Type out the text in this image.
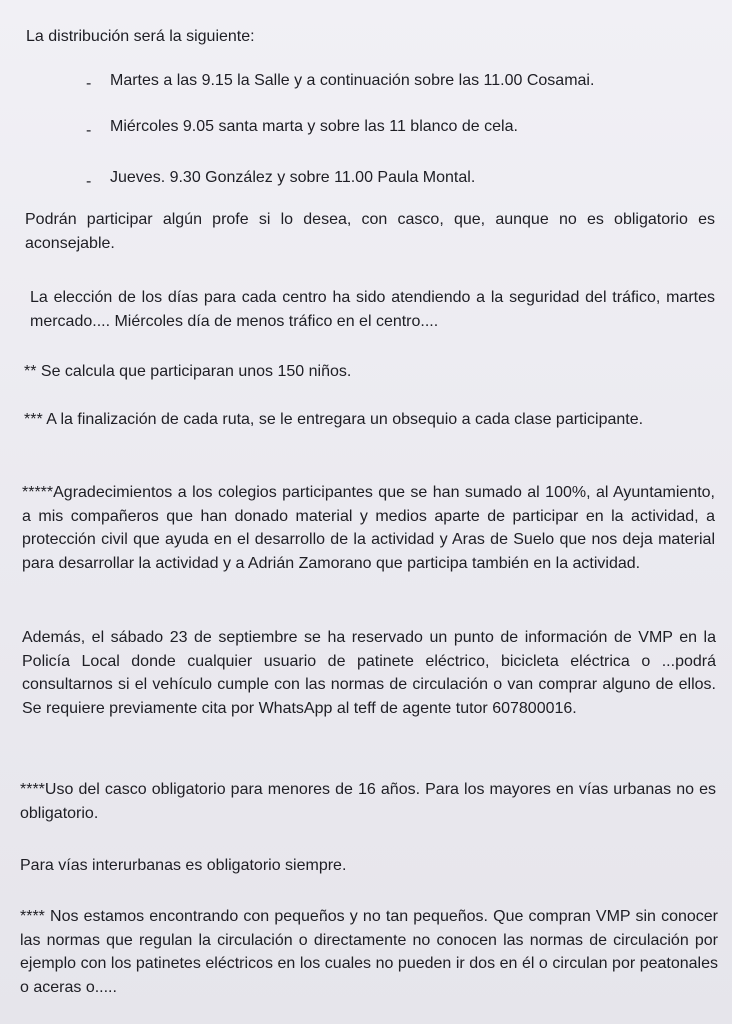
La distribución será la siguiente:
- Martes a las 9.15 la Salle y a continuación sobre las 11.00 Cosamai.
- Miércoles 9.05 santa marta y sobre las 11 blanco de cela.
- Jueves. 9.30 González y sobre 11.00 Paula Montal.
Podrán participar algún profe si lo desea, con casco, que, aunque no es obligatorio es aconsejable.
La elección de los días para cada centro ha sido atendiendo a la seguridad del tráfico, martes mercado.... Miércoles día de menos tráfico en el centro....
** Se calcula que participaran unos 150 niños.
*** A la finalización de cada ruta, se le entregara un obsequio a cada clase participante.
*****Agradecimientos a los colegios participantes que se han sumado al 100%, al Ayuntamiento, a mis compañeros que han donado material y medios aparte de participar en la actividad, a protección civil que ayuda en el desarrollo de la actividad y Aras de Suelo que nos deja material para desarrollar la actividad y a Adrián Zamorano que participa también en la actividad.
Además, el sábado 23 de septiembre se ha reservado un punto de información de VMP en la Policía Local donde cualquier usuario de patinete eléctrico, bicicleta eléctrica o ...podrá consultarnos si el vehículo cumple con las normas de circulación o van comprar alguno de ellos. Se requiere previamente cita por WhatsApp al teff de agente tutor 607800016.
****Uso del casco obligatorio para menores de 16 años. Para los mayores en vías urbanas no es obligatorio.
Para vías interurbanas es obligatorio siempre.
**** Nos estamos encontrando con pequeños y no tan pequeños. Que compran VMP sin conocer las normas que regulan la circulación o directamente no conocen las normas de circulación por ejemplo con los patinetes eléctricos en los cuales no pueden ir dos en él o circulan por peatonales o aceras o.....
